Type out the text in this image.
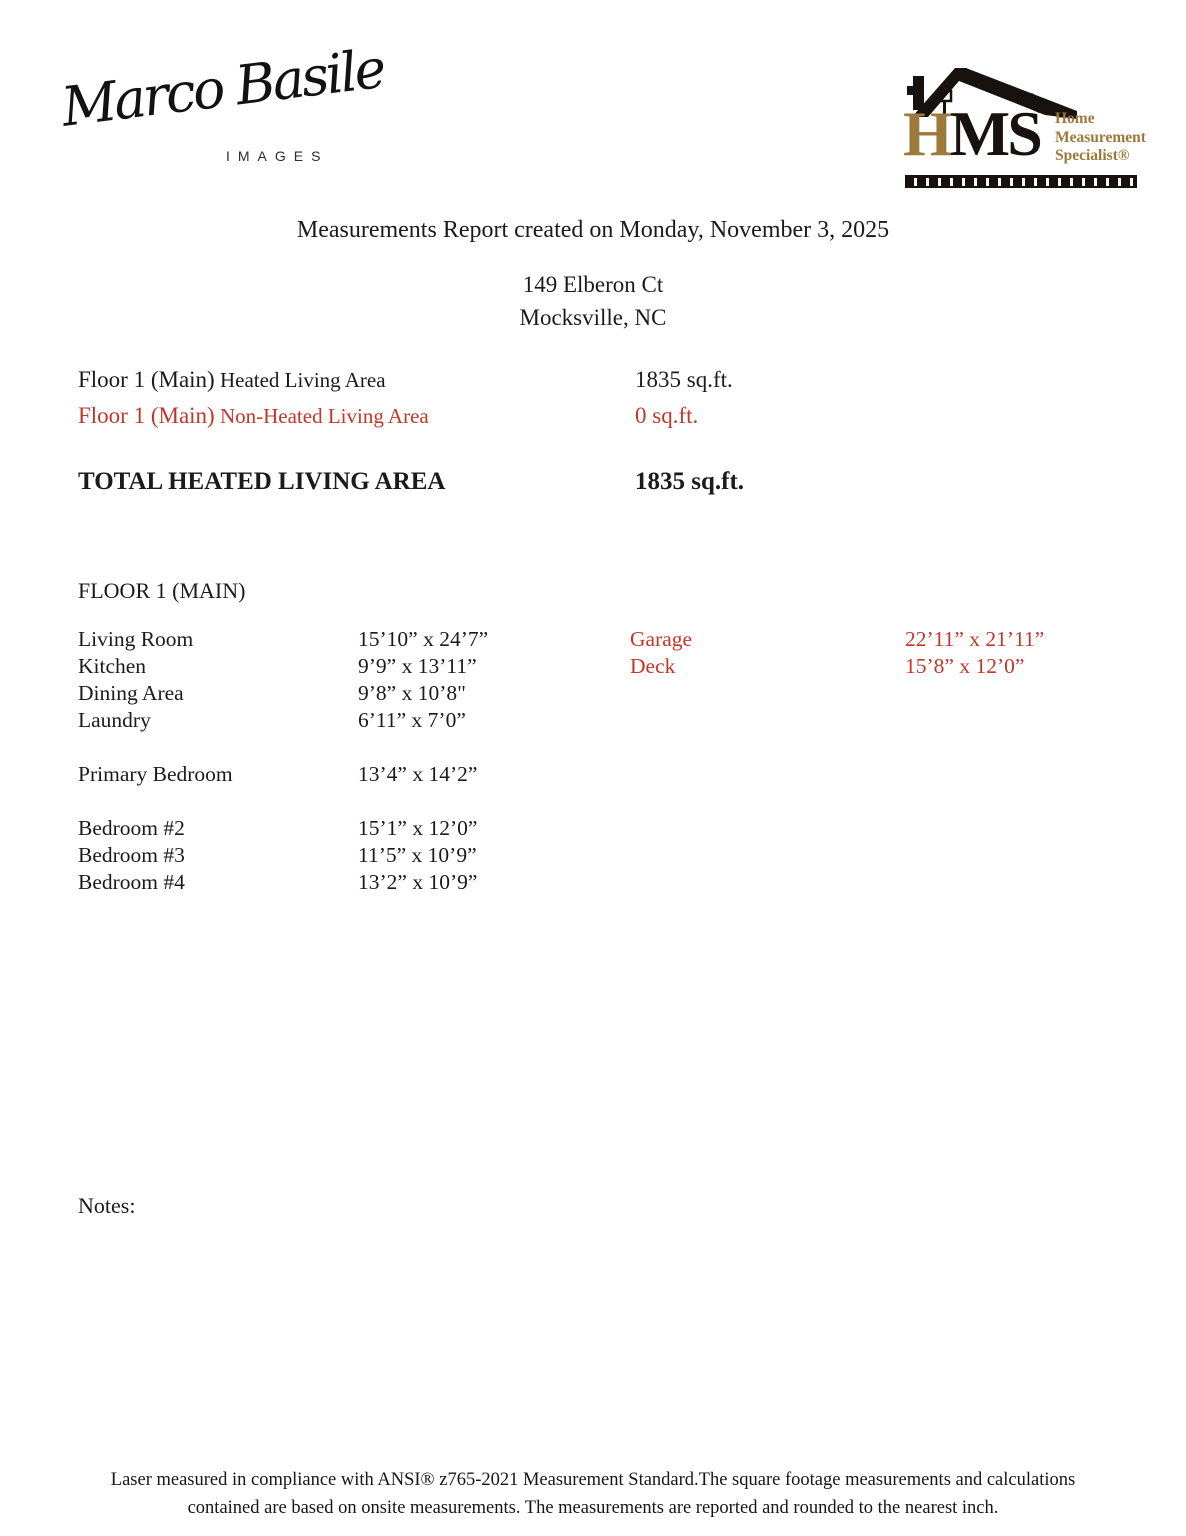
Marco Basile
IMAGES	HMS Home
Measurement
Specialist®
Measurements Report created on Monday, November 3, 2025
149 Elberon Ct
Mocksville, NC
Floor 1 (Main) Heated Living Area	1835 sq.ft.
Floor 1 (Main) Non-Heated Living Area	0 sq.ft.
TOTAL HEATED LIVING AREA	1835 sq.ft.
FLOOR 1 (MAIN)
Living Room	15’10” x 24’7”
Kitchen	9’9” x 13’11”
Dining Area	9’8” x 10’8"
Laundry	6’11” x 7’0”
Primary Bedroom	13’4” x 14’2”
Bedroom #2	15’1” x 12’0”
Bedroom #3	11’5” x 10’9”
Bedroom #4	13’2” x 10’9”
Garage	22’11” x 21’11”
Deck	15’8” x 12’0”
Notes:
Laser measured in compliance with ANSI® z765-2021 Measurement Standard.The square footage measurements and calculations
contained are based on onsite measurements. The measurements are reported and rounded to the nearest inch.
